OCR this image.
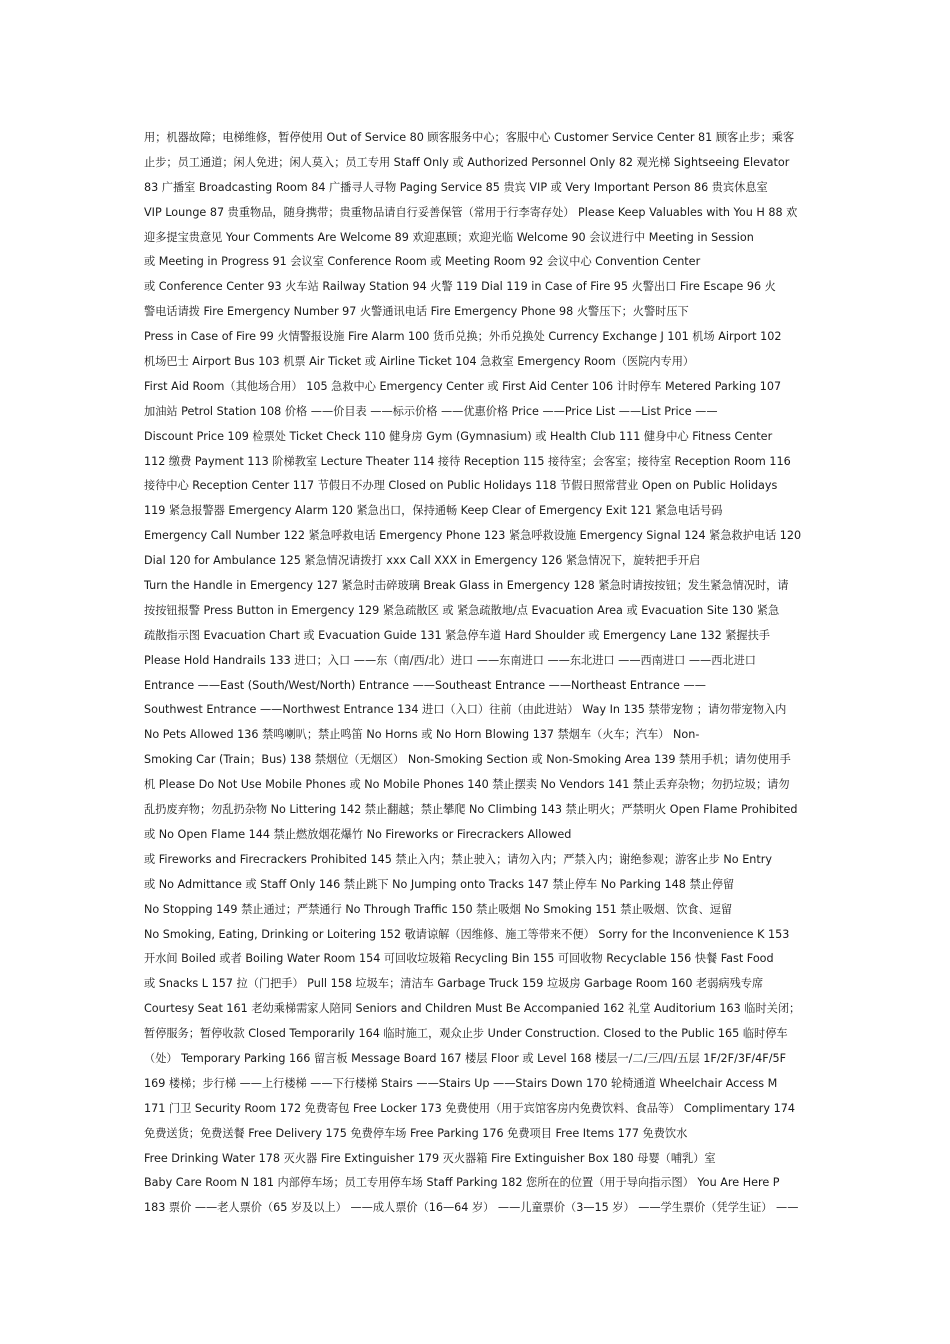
用；机器故障；电梯维修，暂停使用 Out of Service 80 顾客服务中心；客服中心 Customer Service Center 81 顾客止步；乘客
止步；员工通道；闲人免进；闲人莫入；员工专用 Staff Only 或 Authorized Personnel Only 82 观光梯 Sightseeing Elevator
83 广播室 Broadcasting Room 84 广播寻人寻物 Paging Service 85 贵宾 VIP 或 Very Important Person 86 贵宾休息室
VIP Lounge 87 贵重物品，随身携带；贵重物品请自行妥善保管（常用于行李寄存处） Please Keep Valuables with You H 88 欢
迎多提宝贵意见 Your Comments Are Welcome 89 欢迎惠顾；欢迎光临 Welcome 90 会议进行中 Meeting in Session
或 Meeting in Progress 91 会议室 Conference Room 或 Meeting Room 92 会议中心 Convention Center
或 Conference Center 93 火车站 Railway Station 94 火警 119 Dial 119 in Case of Fire 95 火警出口 Fire Escape 96 火
警电话请拨 Fire Emergency Number 97 火警通讯电话 Fire Emergency Phone 98 火警压下；火警时压下
Press in Case of Fire 99 火情警报设施 Fire Alarm 100 货币兑换；外币兑换处 Currency Exchange J 101 机场 Airport 102
机场巴士 Airport Bus 103 机票 Air Ticket 或 Airline Ticket 104 急救室 Emergency Room（医院内专用）
First Aid Room（其他场合用） 105 急救中心 Emergency Center 或 First Aid Center 106 计时停车 Metered Parking 107
加油站 Petrol Station 108 价格 ——价目表 ——标示价格 ——优惠价格 Price ——Price List ——List Price ——
Discount Price 109 检票处 Ticket Check 110 健身房 Gym (Gymnasium) 或 Health Club 111 健身中心 Fitness Center
112 缴费 Payment 113 阶梯教室 Lecture Theater 114 接待 Reception 115 接待室；会客室；接待室 Reception Room 116
接待中心 Reception Center 117 节假日不办理 Closed on Public Holidays 118 节假日照常营业 Open on Public Holidays
119 紧急报警器 Emergency Alarm 120 紧急出口，保持通畅 Keep Clear of Emergency Exit 121 紧急电话号码
Emergency Call Number 122 紧急呼救电话 Emergency Phone 123 紧急呼救设施 Emergency Signal 124 紧急救护电话 120
Dial 120 for Ambulance 125 紧急情况请拨打 xxx Call XXX in Emergency 126 紧急情况下，旋转把手开启
Turn the Handle in Emergency 127 紧急时击碎玻璃 Break Glass in Emergency 128 紧急时请按按钮；发生紧急情况时，请
按按钮报警 Press Button in Emergency 129 紧急疏散区 或 紧急疏散地/点 Evacuation Area 或 Evacuation Site 130 紧急
疏散指示图 Evacuation Chart 或 Evacuation Guide 131 紧急停车道 Hard Shoulder 或 Emergency Lane 132 紧握扶手
Please Hold Handrails 133 进口；入口 ——东（南/西/北）进口 ——东南进口 ——东北进口 ——西南进口 ——西北进口
Entrance ——East (South/West/North) Entrance ——Southeast Entrance ——Northeast Entrance ——
Southwest Entrance ——Northwest Entrance 134 进口（入口）往前（由此进站） Way In 135 禁带宠物 ；请勿带宠物入内
No Pets Allowed 136 禁鸣喇叭；禁止鸣笛 No Horns 或 No Horn Blowing 137 禁烟车（火车；汽车） Non-
Smoking Car (Train；Bus) 138 禁烟位（无烟区） Non-Smoking Section 或 Non-Smoking Area 139 禁用手机；请勿使用手
机 Please Do Not Use Mobile Phones 或 No Mobile Phones 140 禁止摆卖 No Vendors 141 禁止丢弃杂物；勿扔垃圾；请勿
乱扔废弃物；勿乱扔杂物 No Littering 142 禁止翻越；禁止攀爬 No Climbing 143 禁止明火；严禁明火 Open Flame Prohibited
或 No Open Flame 144 禁止燃放烟花爆竹 No Fireworks or Firecrackers Allowed
或 Fireworks and Firecrackers Prohibited 145 禁止入内；禁止驶入；请勿入内；严禁入内；谢绝参观；游客止步 No Entry
或 No Admittance 或 Staff Only 146 禁止跳下 No Jumping onto Tracks 147 禁止停车 No Parking 148 禁止停留
No Stopping 149 禁止通过；严禁通行 No Through Traffic 150 禁止吸烟 No Smoking 151 禁止吸烟、饮食、逗留
No Smoking, Eating, Drinking or Loitering 152 敬请谅解（因维修、施工等带来不便） Sorry for the Inconvenience K 153
开水间 Boiled 或者 Boiling Water Room 154 可回收垃圾箱 Recycling Bin 155 可回收物 Recyclable 156 快餐 Fast Food
或 Snacks L 157 拉（门把手） Pull 158 垃圾车；清洁车 Garbage Truck 159 垃圾房 Garbage Room 160 老弱病残专席
Courtesy Seat 161 老幼乘梯需家人陪同 Seniors and Children Must Be Accompanied 162 礼堂 Auditorium 163 临时关闭；
暂停服务；暂停收款 Closed Temporarily 164 临时施工，观众止步 Under Construction. Closed to the Public 165 临时停车
（处） Temporary Parking 166 留言板 Message Board 167 楼层 Floor 或 Level 168 楼层一/二/三/四/五层 1F/2F/3F/4F/5F
169 楼梯；步行梯 ——上行楼梯 ——下行楼梯 Stairs ——Stairs Up ——Stairs Down 170 轮椅通道 Wheelchair Access M
171 门卫 Security Room 172 免费寄包 Free Locker 173 免费使用（用于宾馆客房内免费饮料、食品等） Complimentary 174
免费送货；免费送餐 Free Delivery 175 免费停车场 Free Parking 176 免费项目 Free Items 177 免费饮水
Free Drinking Water 178 灭火器 Fire Extinguisher 179 灭火器箱 Fire Extinguisher Box 180 母婴（哺乳）室
Baby Care Room N 181 内部停车场；员工专用停车场 Staff Parking 182 您所在的位置（用于导向指示图） You Are Here P
183 票价 ——老人票价（65 岁及以上） ——成人票价（16—64 岁） ——儿童票价（3—15 岁） ——学生票价（凭学生证） ——
